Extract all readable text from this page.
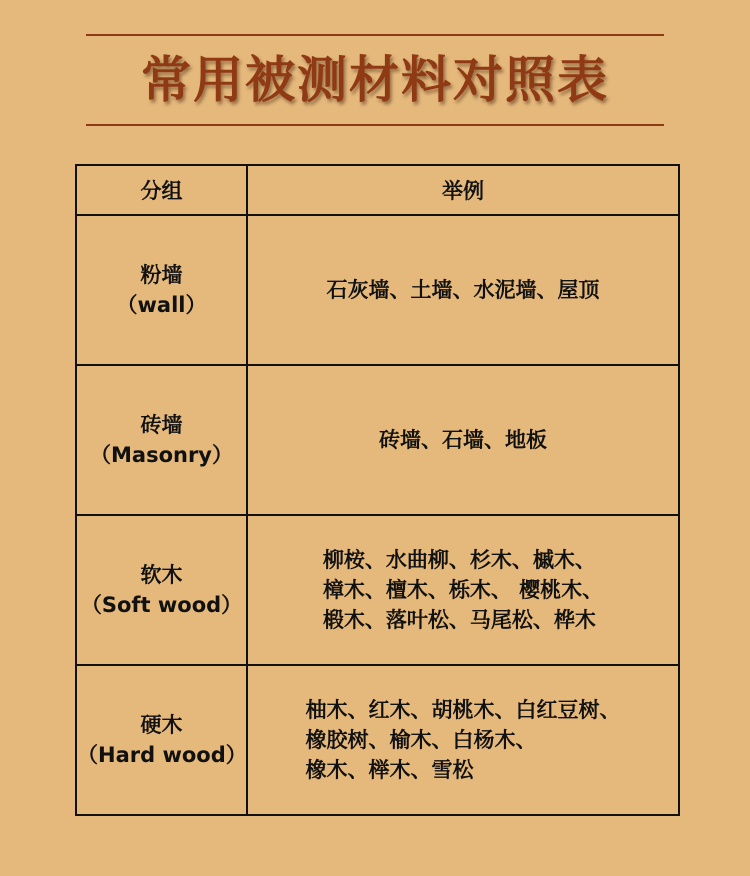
常用被测材料对照表
分组	举例

粉墙
（wall）	石灰墙、土墙、水泥墙、屋顶

砖墙
（Masonry）	砖墙、石墙、地板

软木
（Soft wood）	柳桉、水曲柳、杉木、槭木、
樟木、檀木、栎木、 樱桃木、
椴木、落叶松、马尾松、桦木

硬木
（Hard wood）	柚木、红木、胡桃木、白红豆树、
橡胶树、榆木、白杨木、
橡木、榉木、雪松
